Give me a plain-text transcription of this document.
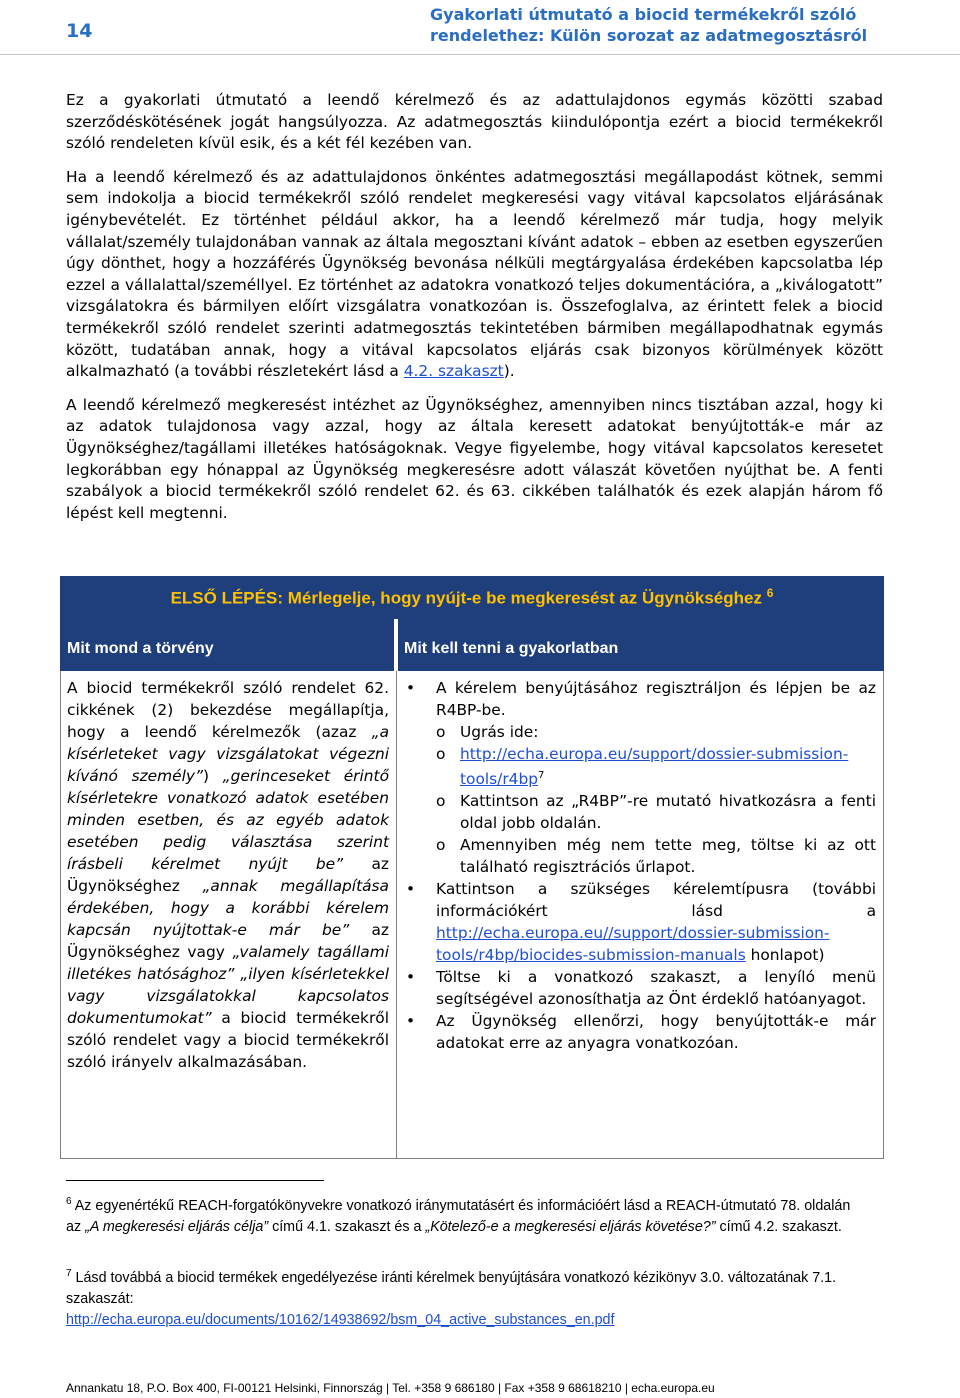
14
Gyakorlati útmutató a biocid termékekről szóló
rendelethez: Külön sorozat az adatmegosztásról

Ez a gyakorlati útmutató a leendő kérelmező és az adattulajdonos egymás közötti szabad szerződéskötésének jogát hangsúlyozza. Az adatmegosztás kiindulópontja ezért a biocid termékekről szóló rendeleten kívül esik, és a két fél kezében van.

Ha a leendő kérelmező és az adattulajdonos önkéntes adatmegosztási megállapodást kötnek, semmi sem indokolja a biocid termékekről szóló rendelet megkeresési vagy vitával kapcsolatos eljárásának igénybevételét. Ez történhet például akkor, ha a leendő kérelmező már tudja, hogy melyik vállalat/személy tulajdonában vannak az általa megosztani kívánt adatok – ebben az esetben egyszerűen úgy dönthet, hogy a hozzáférés Ügynökség bevonása nélküli megtárgyalása érdekében kapcsolatba lép ezzel a vállalattal/személlyel. Ez történhet az adatokra vonatkozó teljes dokumentációra, a „kiválogatott” vizsgálatokra és bármilyen előírt vizsgálatra vonatkozóan is. Összefoglalva, az érintett felek a biocid termékekről szóló rendelet szerinti adatmegosztás tekintetében bármiben megállapodhatnak egymás között, tudatában annak, hogy a vitával kapcsolatos eljárás csak bizonyos körülmények között alkalmazható (a további részletekért lásd a 4.2. szakaszt).

A leendő kérelmező megkeresést intézhet az Ügynökséghez, amennyiben nincs tisztában azzal, hogy ki az adatok tulajdonosa vagy azzal, hogy az általa keresett adatokat benyújtották-e már az Ügynökséghez/tagállami illetékes hatóságoknak. Vegye figyelembe, hogy vitával kapcsolatos keresetet legkorábban egy hónappal az Ügynökség megkeresésre adott válaszát követően nyújthat be. A fenti szabályok a biocid termékekről szóló rendelet 62. és 63. cikkében találhatók és ezek alapján három fő lépést kell megtenni.

ELSŐ LÉPÉS: Mérlegelje, hogy nyújt-e be megkeresést az Ügynökséghez $^6$
Mit mond a törvény	Mit kell tenni a gyakorlatban
A biocid termékekről szóló rendelet 62. cikkének (2) bekezdése megállapítja, hogy a leendő kérelmezők (azaz „a kísérleteket vagy vizsgálatokat végezni kívánó személy”) „gerinceseket érintő kísérletekre vonatkozó adatok esetében minden esetben, és az egyéb adatok esetében pedig választása szerint írásbeli kérelmet nyújt be” az Ügynökséghez „annak megállapítása érdekében, hogy a korábbi kérelem kapcsán nyújtottak-e már be” az Ügynökséghez vagy „valamely tagállami illetékes hatósághoz” „ilyen kísérletekkel vagy vizsgálatokkal kapcsolatos dokumentumokat” a biocid termékekről szóló rendelet vagy a biocid termékekről szóló irányelv alkalmazásában.
• A kérelem benyújtásához regisztráljon és lépjen be az R4BP-be.
o Ugrás ide:
o $http://echa.europa.eu/support/dossier-submission-tools/r4bp^7$
o Kattintson az „R4BP”-re mutató hivatkozásra a fenti oldal jobb oldalán.
o Amennyiben még nem tette meg, töltse ki az ott található regisztrációs űrlapot.
• Kattintson a szükséges kérelemtípusra (további információkért lásd a http://echa.europa.eu//support/dossier-submission-tools/r4bp/biocides-submission-manuals honlapot)
• Töltse ki a vonatkozó szakaszt, a lenyíló menü segítségével azonosíthatja az Önt érdeklő hatóanyagot.
• Az Ügynökség ellenőrzi, hogy benyújtották-e már adatokat erre az anyagra vonatkozóan.
$^6$ Az egyenértékű REACH-forgatókönyvekre vonatkozó iránymutatásért és információért lásd a REACH-útmutató 78. oldalán az „A megkeresési eljárás célja” című 4.1. szakaszt és a „Kötelező-e a megkeresési eljárás követése?” című 4.2. szakaszt.
$^7$ Lásd továbbá a biocid termékek engedélyezése iránti kérelmek benyújtására vonatkozó kézikönyv 3.0. változatának 7.1. szakaszát:
http://echa.europa.eu/documents/10162/14938692/bsm_04_active_substances_en.pdf
Annankatu 18, P.O. Box 400, FI-00121 Helsinki, Finnország | Tel. +358 9 686180 | Fax +358 9 68618210 | echa.europa.eu
